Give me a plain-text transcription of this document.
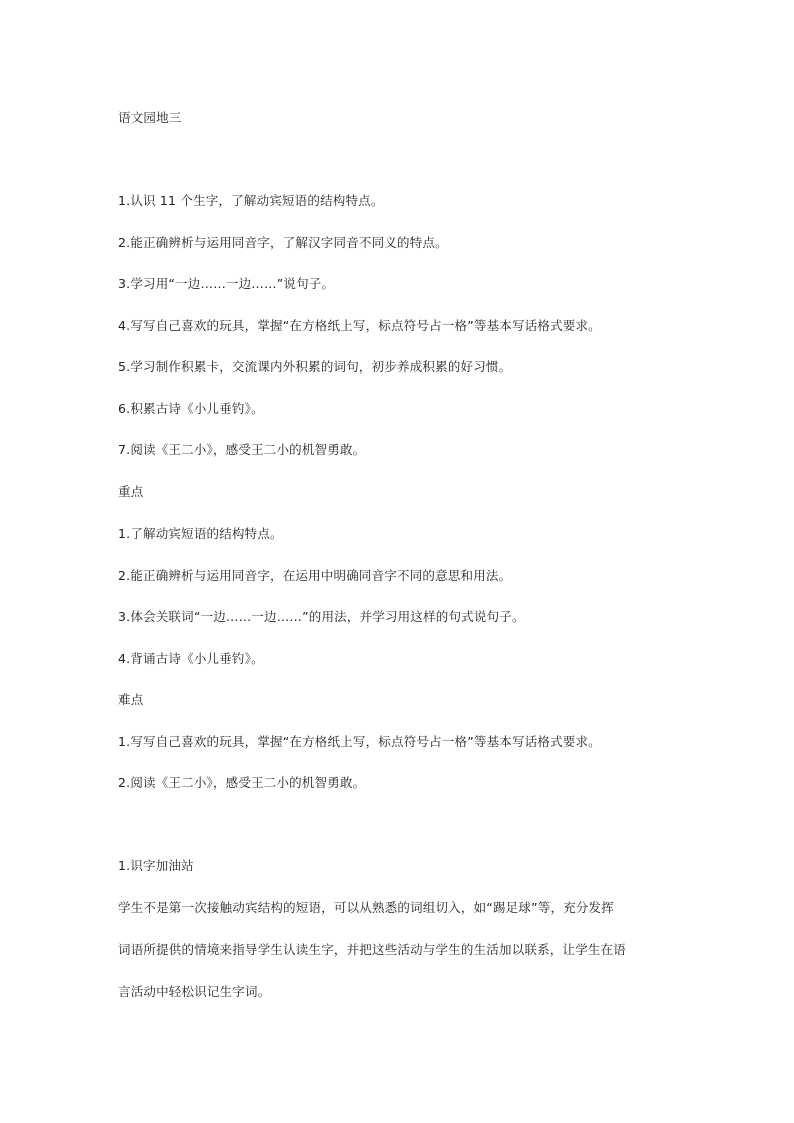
语文园地三
1.认识 11 个生字，了解动宾短语的结构特点。
2.能正确辨析与运用同音字，了解汉字同音不同义的特点。
3.学习用“一边……一边……”说句子。
4.写写自己喜欢的玩具，掌握“在方格纸上写，标点符号占一格”等基本写话格式要求。
5.学习制作积累卡，交流课内外积累的词句，初步养成积累的好习惯。
6.积累古诗《小儿垂钓》。
7.阅读《王二小》，感受王二小的机智勇敢。
重点
1.了解动宾短语的结构特点。
2.能正确辨析与运用同音字，在运用中明确同音字不同的意思和用法。
3.体会关联词“一边……一边……”的用法，并学习用这样的句式说句子。
4.背诵古诗《小儿垂钓》。
难点
1.写写自己喜欢的玩具，掌握“在方格纸上写，标点符号占一格”等基本写话格式要求。
2.阅读《王二小》，感受王二小的机智勇敢。
1.识字加油站
学生不是第一次接触动宾结构的短语，可以从熟悉的词组切入，如“踢足球”等，充分发挥
词语所提供的情境来指导学生认读生字，并把这些活动与学生的生活加以联系，让学生在语
言活动中轻松识记生字词。
